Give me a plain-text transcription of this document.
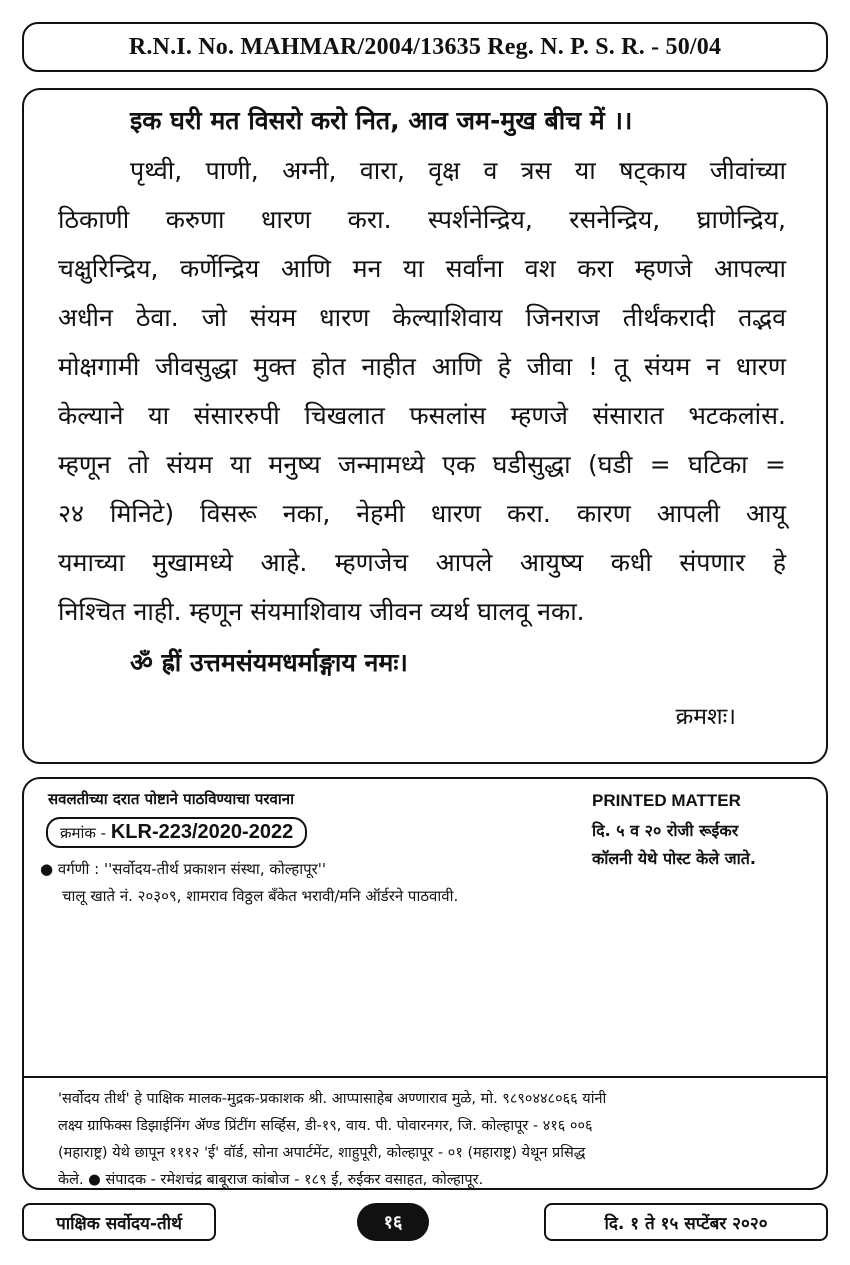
R.N.I. No. MAHMAR/2004/13635 Reg. N. P. S. R. - 50/04
इक घरी मत विसरो करो नित, आव जम-मुख बीच में ।।
पृथ्वी, पाणी, अग्नी, वारा, वृक्ष व त्रस या षट्‌काय जीवांच्या
ठिकाणी करुणा धारण करा. स्पर्शनेन्द्रिय, रसनेन्द्रिय, घ्राणेन्द्रिय,
चक्षुरिन्द्रिय, कर्णेन्द्रिय आणि मन या सर्वांना वश करा म्हणजे आपल्या
अधीन ठेवा. जो संयम धारण केल्याशिवाय जिनराज तीर्थंकरादी तद्भव
मोक्षगामी जीवसुद्धा मुक्त होत नाहीत आणि हे जीवा ! तू संयम न धारण
केल्याने या संसाररुपी चिखलात फसलांस म्हणजे संसारात भटकलांस.
म्हणून तो संयम या मनुष्य जन्मामध्ये एक घडीसुद्धा (घडी = घटिका =
२४ मिनिटे) विसरू नका, नेहमी धारण करा. कारण आपली आयू
यमाच्या मुखामध्ये आहे. म्हणजेच आपले आयुष्य कधी संपणार हे
निश्चित नाही. म्हणून संयमाशिवाय जीवन व्यर्थ घालवू नका.
ॐ ह्रीं उत्तमसंयमधर्माङ्गाय नमः।
क्रमशः।
सवलतीच्या दरात पोष्टाने पाठविण्याचा परवाना
क्रमांक - KLR-223/2020-2022
● वर्गणी : ''सर्वोदय-तीर्थ प्रकाशन संस्था, कोल्हापूर''
चालू खाते नं. २०३०९, शामराव विठ्ठल बँकेत भरावी/मनि ऑर्डरने पाठवावी.
PRINTED MATTER
दि. ५ व २० रोजी रूईकर
कॉलनी येथे पोस्ट केले जाते.
'सर्वोदय तीर्थ' हे पाक्षिक मालक-मुद्रक-प्रकाशक श्री. आप्पासाहेब अण्णाराव मुळे, मो. ९८९०४४८०६६ यांनी
लक्ष्य ग्राफिक्स डिझाईनिंग ॲण्ड प्रिंटींग सर्व्हिस, डी-१९, वाय. पी. पोवारनगर, जि. कोल्हापूर - ४१६ ००६
(महाराष्ट्र) येथे छापून १११२ 'ई' वॉर्ड, सोना अपार्टमेंट, शाहुपूरी, कोल्हापूर - ०१ (महाराष्ट्र) येथून प्रसिद्ध
केले. ● संपादक - रमेशचंद्र बाबूराज कांबोज - १८९ ई, रुईकर वसाहत, कोल्हापूर.
पाक्षिक सर्वोदय-तीर्थ	१६	दि. १ ते १५ सप्टेंबर २०२०
